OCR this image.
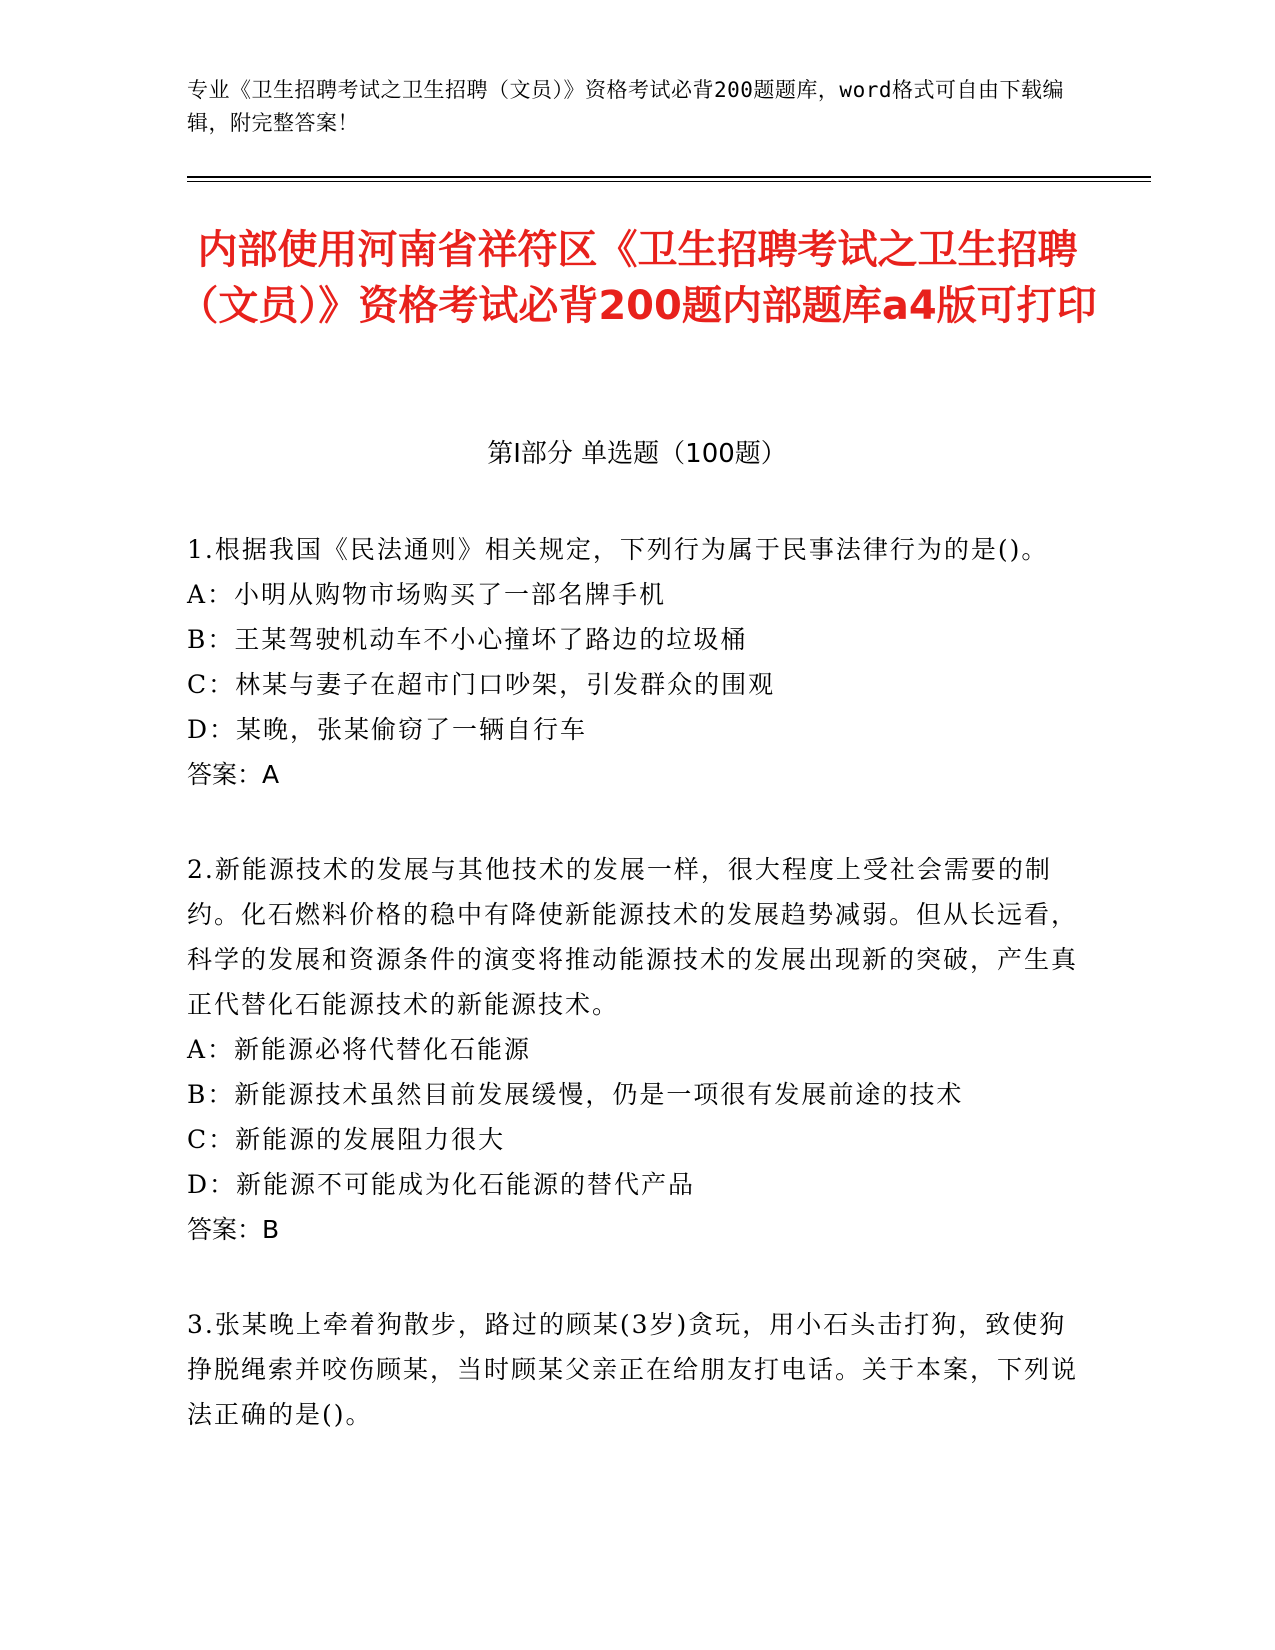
专业《卫生招聘考试之卫生招聘（文员）》资格考试必背200题题库，word格式可自由下载编辑，附完整答案！
内部使用河南省祥符区《卫生招聘考试之卫生招聘（文员）》资格考试必背200题内部题库a4版可打印
第Ⅰ部分 单选题（100题）
1.根据我国《民法通则》相关规定，下列行为属于民事法律行为的是()。
A：小明从购物市场购买了一部名牌手机
B：王某驾驶机动车不小心撞坏了路边的垃圾桶
C：林某与妻子在超市门口吵架，引发群众的围观
D：某晚，张某偷窃了一辆自行车
答案：A
2.新能源技术的发展与其他技术的发展一样，很大程度上受社会需要的制约。化石燃料价格的稳中有降使新能源技术的发展趋势减弱。但从长远看，科学的发展和资源条件的演变将推动能源技术的发展出现新的突破，产生真正代替化石能源技术的新能源技术。
A：新能源必将代替化石能源
B：新能源技术虽然目前发展缓慢，仍是一项很有发展前途的技术
C：新能源的发展阻力很大
D：新能源不可能成为化石能源的替代产品
答案：B
3.张某晚上牵着狗散步，路过的顾某(3岁)贪玩，用小石头击打狗，致使狗挣脱绳索并咬伤顾某，当时顾某父亲正在给朋友打电话。关于本案，下列说法正确的是()。
